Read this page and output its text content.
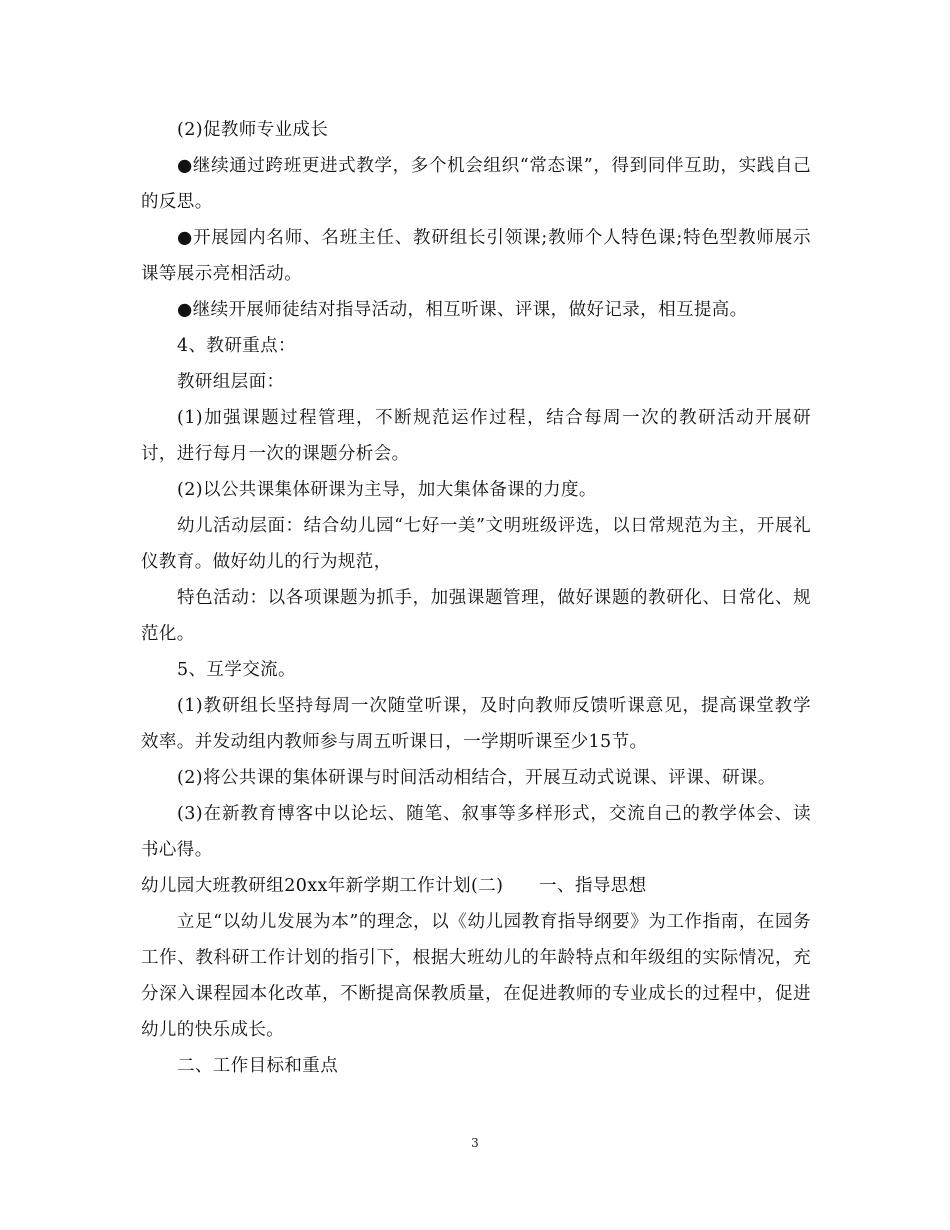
(2)促教师专业成长

●继续通过跨班更进式教学，多个机会组织“常态课”，得到同伴互助，实践自己的反思。

●开展园内名师、名班主任、教研组长引领课;教师个人特色课;特色型教师展示课等展示亮相活动。

●继续开展师徒结对指导活动，相互听课、评课，做好记录，相互提高。

4、教研重点：

教研组层面：

(1)加强课题过程管理，不断规范运作过程，结合每周一次的教研活动开展研讨，进行每月一次的课题分析会。

(2)以公共课集体研课为主导，加大集体备课的力度。

幼儿活动层面：结合幼儿园“七好一美”文明班级评选，以日常规范为主，开展礼仪教育。做好幼儿的行为规范，

特色活动：以各项课题为抓手，加强课题管理，做好课题的教研化、日常化、规范化。

5、互学交流。

(1)教研组长坚持每周一次随堂听课，及时向教师反馈听课意见，提高课堂教学效率。并发动组内教师参与周五听课日，一学期听课至少15节。

(2)将公共课的集体研课与时间活动相结合，开展互动式说课、评课、研课。

(3)在新教育博客中以论坛、随笔、叙事等多样形式，交流自己的教学体会、读书心得。

幼儿园大班教研组20xx年新学期工作计划(二)　　一、指导思想

立足“以幼儿发展为本”的理念，以《幼儿园教育指导纲要》为工作指南，在园务工作、教科研工作计划的指引下，根据大班幼儿的年龄特点和年级组的实际情况，充分深入课程园本化改革，不断提高保教质量，在促进教师的专业成长的过程中，促进幼儿的快乐成长。

二、工作目标和重点

3
